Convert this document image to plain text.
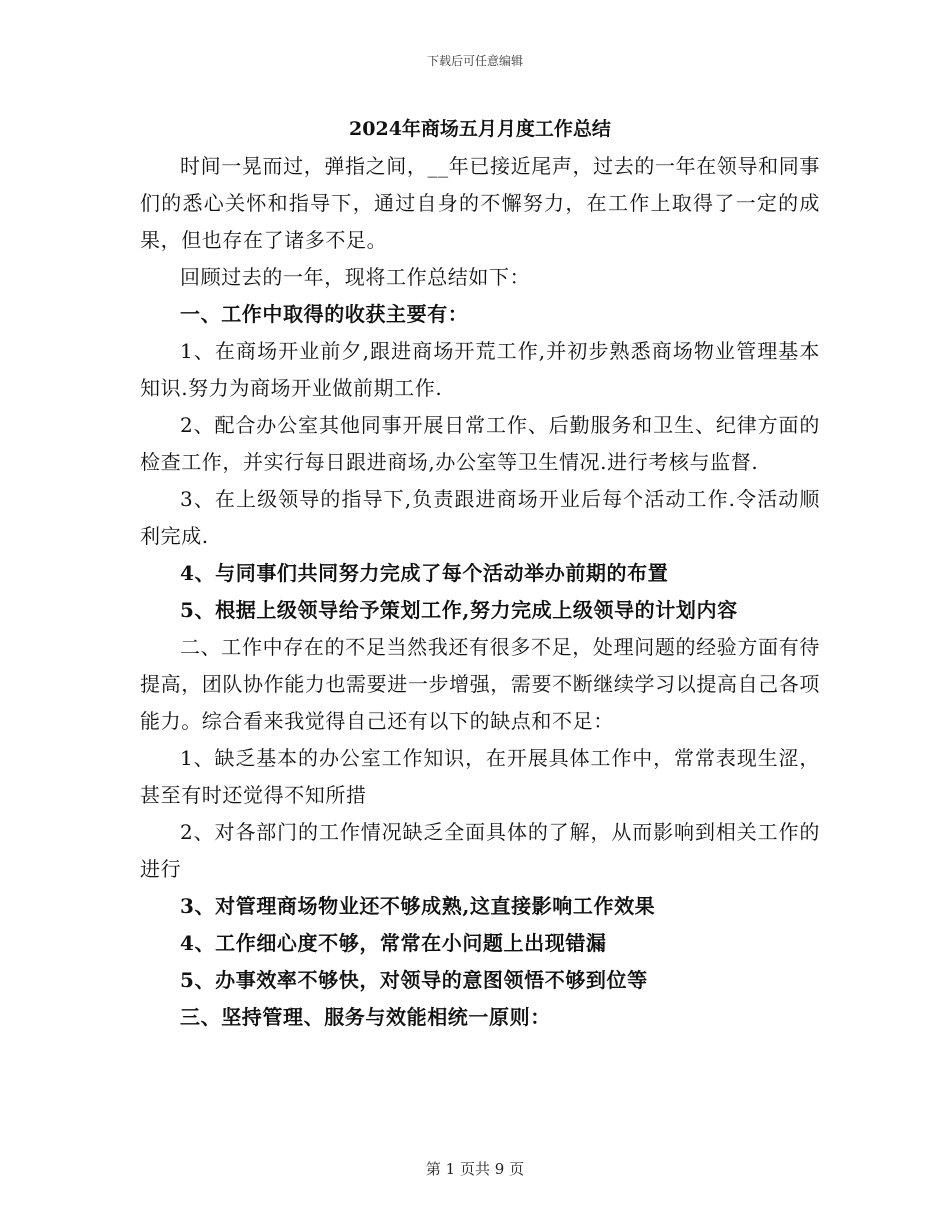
下载后可任意编辑
2024年商场五月月度工作总结

时间一晃而过，弹指之间，__年已接近尾声，过去的一年在领导和同事们的悉心关怀和指导下，通过自身的不懈努力，在工作上取得了一定的成果，但也存在了诸多不足。

回顾过去的一年，现将工作总结如下：

一、工作中取得的收获主要有：

1、在商场开业前夕,跟进商场开荒工作,并初步熟悉商场物业管理基本知识.努力为商场开业做前期工作.

2、配合办公室其他同事开展日常工作、后勤服务和卫生、纪律方面的检查工作，并实行每日跟进商场,办公室等卫生情况.进行考核与监督.

3、在上级领导的指导下,负责跟进商场开业后每个活动工作.令活动顺利完成.

4、与同事们共同努力完成了每个活动举办前期的布置

5、根据上级领导给予策划工作,努力完成上级领导的计划内容

二、工作中存在的不足当然我还有很多不足，处理问题的经验方面有待提高，团队协作能力也需要进一步增强，需要不断继续学习以提高自己各项能力。综合看来我觉得自己还有以下的缺点和不足：

1、缺乏基本的办公室工作知识，在开展具体工作中，常常表现生涩，甚至有时还觉得不知所措

2、对各部门的工作情况缺乏全面具体的了解，从而影响到相关工作的进行

3、对管理商场物业还不够成熟,这直接影响工作效果

4、工作细心度不够，常常在小问题上出现错漏

5、办事效率不够快，对领导的意图领悟不够到位等

三、坚持管理、服务与效能相统一原则：

第 1 页共 9 页
